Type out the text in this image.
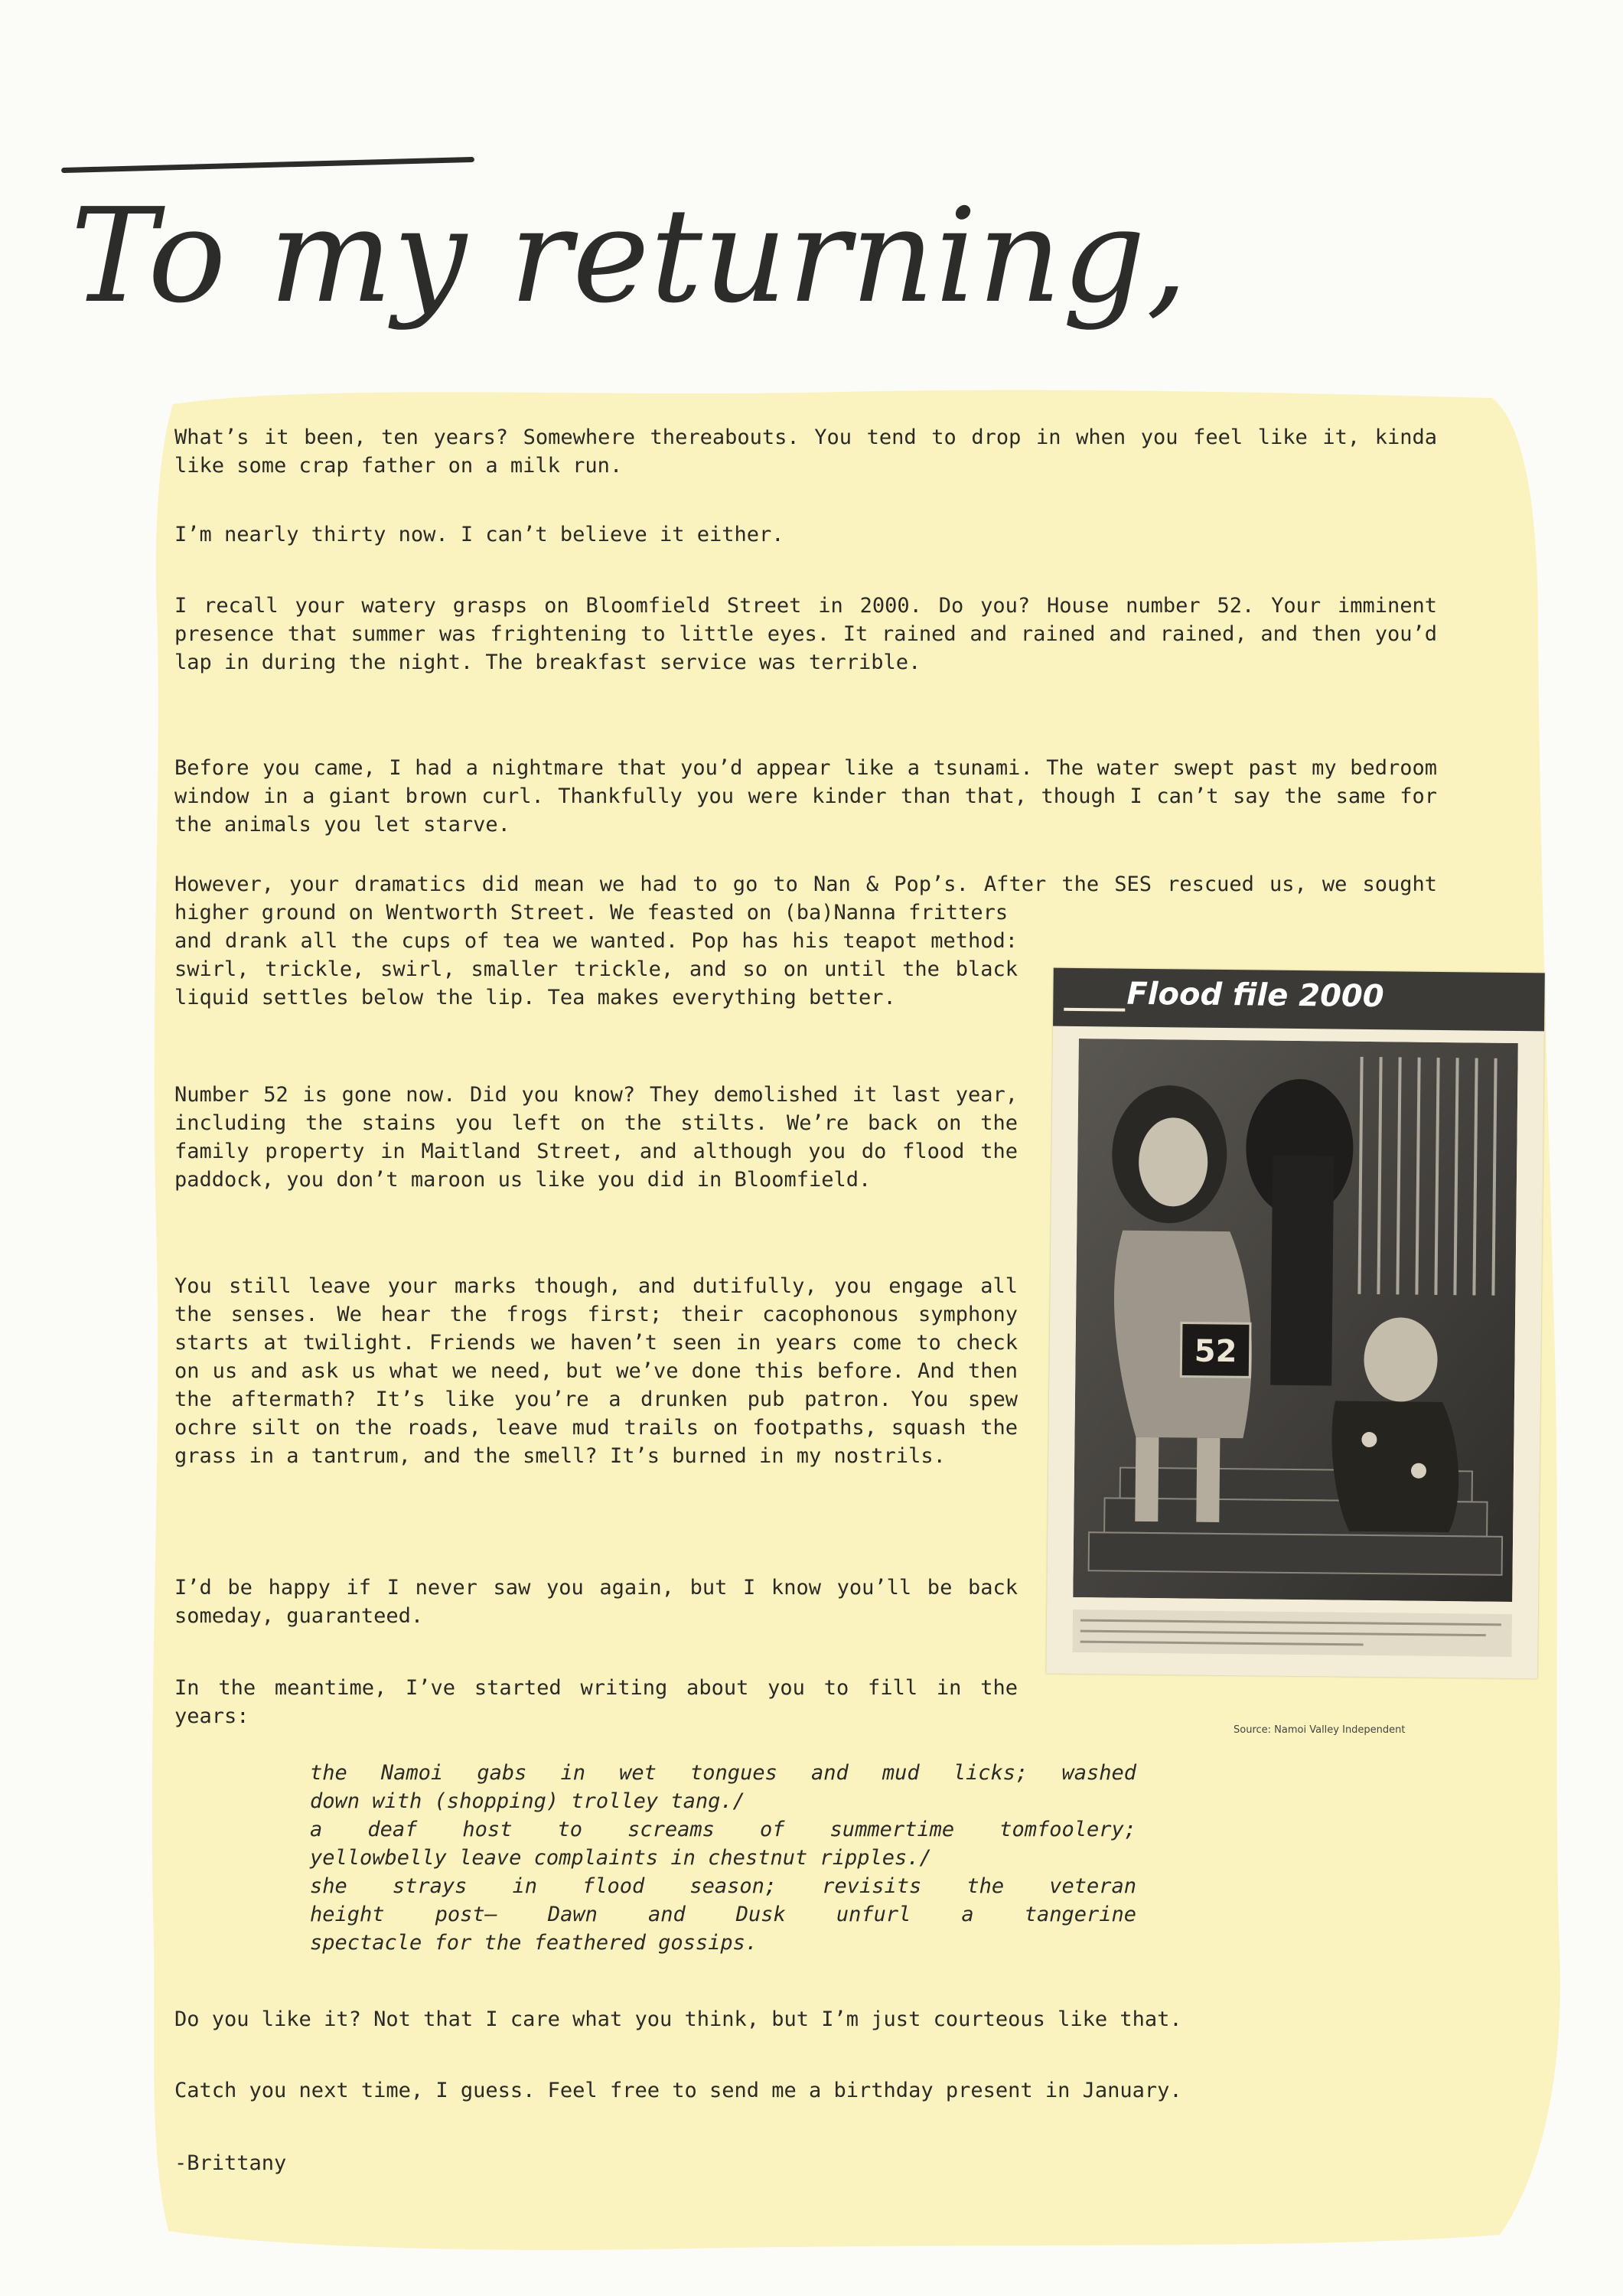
To my returning,

What’s it been, ten years? Somewhere thereabouts. You tend to drop in when you feel like it, kinda like some crap father on a milk run.

I’m nearly thirty now. I can’t believe it either.

I recall your watery grasps on Bloomfield Street in 2000. Do you? House number 52. Your imminent presence that summer was frightening to little eyes. It rained and rained and rained, and then you’d lap in during the night. The breakfast service was terrible.

Before you came, I had a nightmare that you’d appear like a tsunami. The water swept past my bedroom window in a giant brown curl. Thankfully you were kinder than that, though I can’t say the same for the animals you let starve.

However, your dramatics did mean we had to go to Nan & Pop’s. After the SES rescued us, we sought higher ground on Wentworth Street. We feasted on (ba)Nanna fritters

and drank all the cups of tea we wanted. Pop has his teapot method: swirl, trickle, swirl, smaller trickle, and so on until the black liquid settles below the lip. Tea makes everything better.

Number 52 is gone now. Did you know? They demolished it last year, including the stains you left on the stilts. We’re back on the family property in Maitland Street, and although you do flood the paddock, you don’t maroon us like you did in Bloomfield.

You still leave your marks though, and dutifully, you engage all the senses. We hear the frogs first; their cacophonous symphony starts at twilight. Friends we haven’t seen in years come to check on us and ask us what we need, but we’ve done this before. And then the aftermath? It’s like you’re a drunken pub patron. You spew ochre silt on the roads, leave mud trails on footpaths, squash the grass in a tantrum, and the smell? It’s burned in my nostrils.

I’d be happy if I never saw you again, but I know you’ll be back someday, guaranteed.

In the meantime, I’ve started writing about you to fill in the years:

the Namoi gabs in wet tongues and mud licks; washed
down with (shopping) trolley tang./
a deaf host to screams of summertime tomfoolery;
yellowbelly leave complaints in chestnut ripples./
she strays in flood season; revisits the veteran
height post— Dawn and Dusk unfurl a tangerine
spectacle for the feathered gossips.

Do you like it? Not that I care what you think, but I’m just courteous like that.

Catch you next time, I guess. Feel free to send me a birthday present in January.

-Brittany

Flood file 2000
52
Source: Namoi Valley Independent
